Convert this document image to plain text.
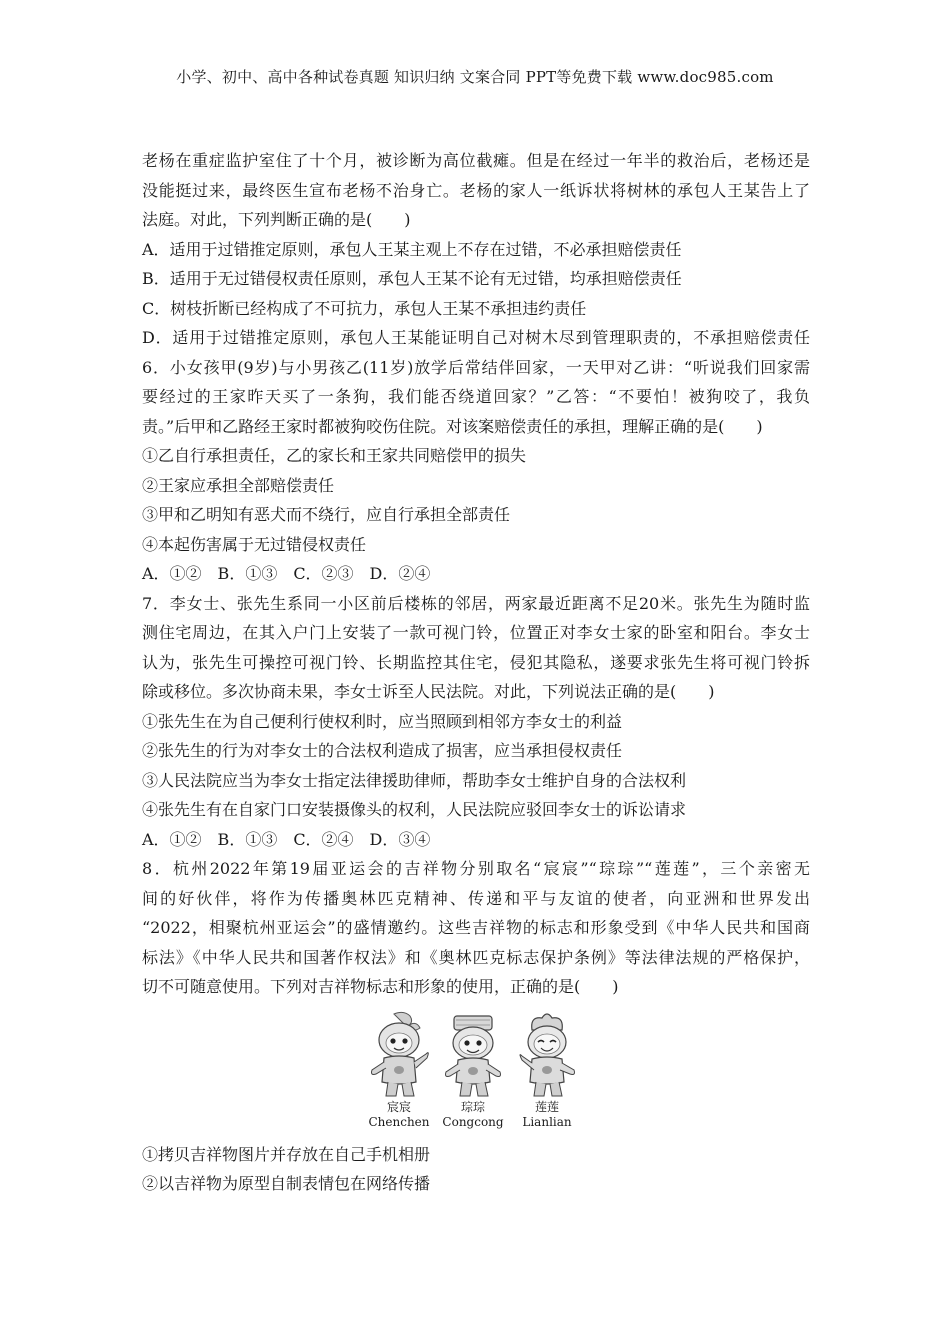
小学、初中、高中各种试卷真题 知识归纳 文案合同 PPT等免费下载 www.doc985.com
老杨在重症监护室住了十个月，被诊断为高位截瘫。但是在经过一年半的救治后，老杨还是
没能挺过来，最终医生宣布老杨不治身亡。老杨的家人一纸诉状将树林的承包人王某告上了
法庭。对此，下列判断正确的是(　　)
A．适用于过错推定原则，承包人王某主观上不存在过错，不必承担赔偿责任
B．适用于无过错侵权责任原则，承包人王某不论有无过错，均承担赔偿责任
C．树枝折断已经构成了不可抗力，承包人王某不承担违约责任
D．适用于过错推定原则，承包人王某能证明自己对树木尽到管理职责的，不承担赔偿责任
6．小女孩甲(9岁)与小男孩乙(11岁)放学后常结伴回家，一天甲对乙讲：“听说我们回家需
要经过的王家昨天买了一条狗，我们能否绕道回家？”乙答：“不要怕！被狗咬了，我负
责。”后甲和乙路经王家时都被狗咬伤住院。对该案赔偿责任的承担，理解正确的是(　　)
①乙自行承担责任，乙的家长和王家共同赔偿甲的损失
②王家应承担全部赔偿责任
③甲和乙明知有恶犬而不绕行，应自行承担全部责任
④本起伤害属于无过错侵权责任
A．①②　B．①③　C．②③　D．②④
7．李女士、张先生系同一小区前后楼栋的邻居，两家最近距离不足20米。张先生为随时监
测住宅周边，在其入户门上安装了一款可视门铃，位置正对李女士家的卧室和阳台。李女士
认为，张先生可操控可视门铃、长期监控其住宅，侵犯其隐私，遂要求张先生将可视门铃拆
除或移位。多次协商未果，李女士诉至人民法院。对此，下列说法正确的是(　　)
①张先生在为自己便利行使权利时，应当照顾到相邻方李女士的利益
②张先生的行为对李女士的合法权利造成了损害，应当承担侵权责任
③人民法院应当为李女士指定法律援助律师，帮助李女士维护自身的合法权利
④张先生有在自家门口安装摄像头的权利，人民法院应驳回李女士的诉讼请求
A．①②　B．①③　C．②④　D．③④
8．杭州2022年第19届亚运会的吉祥物分别取名“宸宸”“琮琮”“莲莲”，三个亲密无
间的好伙伴，将作为传播奥林匹克精神、传递和平与友谊的使者，向亚洲和世界发出
“2022，相聚杭州亚运会”的盛情邀约。这些吉祥物的标志和形象受到《中华人民共和国商
标法》《中华人民共和国著作权法》和《奥林匹克标志保护条例》等法律法规的严格保护，
切不可随意使用。下列对吉祥物标志和形象的使用，正确的是(　　)
宸宸
Chenchen
琮琮
Congcong
莲莲
Lianlian
①拷贝吉祥物图片并存放在自己手机相册
②以吉祥物为原型自制表情包在网络传播
